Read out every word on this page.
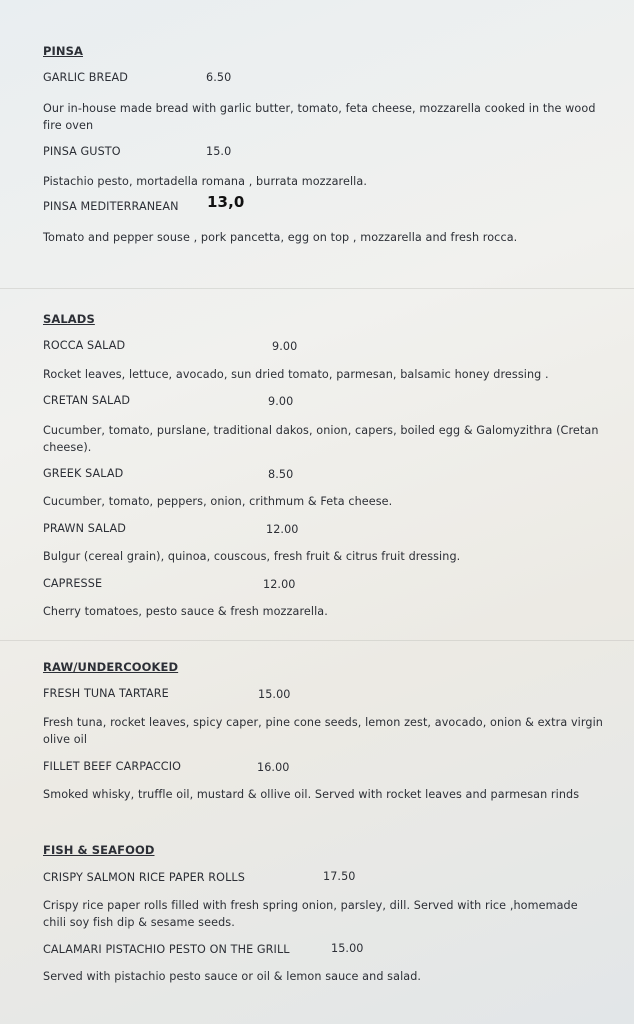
PINSA
GARLIC BREAD	6.50
Our in-house made bread with garlic butter, tomato, feta cheese, mozzarella cooked in the wood fire oven
PINSA GUSTO	15.0
Pistachio pesto, mortadella romana , burrata mozzarella.
PINSA MEDITERRANEAN 13,0
Tomato and pepper souse , pork pancetta, egg on top , mozzarella and fresh rocca.
SALADS
ROCCA SALAD	9.00
Rocket leaves, lettuce, avocado, sun dried tomato, parmesan, balsamic honey dressing .
CRETAN SALAD	9.00
Cucumber, tomato, purslane, traditional dakos, onion, capers, boiled egg & Galomyzithra (Cretan cheese).
GREEK SALAD	8.50
Cucumber, tomato, peppers, onion, crithmum & Feta cheese.
PRAWN SALAD	12.00
Bulgur (cereal grain), quinoa, couscous, fresh fruit & citrus fruit dressing.
CAPRESSE	12.00
Cherry tomatoes, pesto sauce & fresh mozzarella.
RAW/UNDERCOOKED
FRESH TUNA TARTARE	15.00
Fresh tuna, rocket leaves, spicy caper, pine cone seeds, lemon zest, avocado, onion & extra virgin olive oil
FILLET BEEF CARPACCIO	16.00
Smoked whisky, truffle oil, mustard & ollive oil. Served with rocket leaves and parmesan rinds
FISH & SEAFOOD
CRISPY SALMON RICE PAPER ROLLS	17.50
Crispy rice paper rolls filled with fresh spring onion, parsley, dill. Served with rice ,homemade chili soy fish dip & sesame seeds.
CALAMARI PISTACHIO PESTO ON THE GRILL	15.00
Served with pistachio pesto sauce or oil & lemon sauce and salad.
